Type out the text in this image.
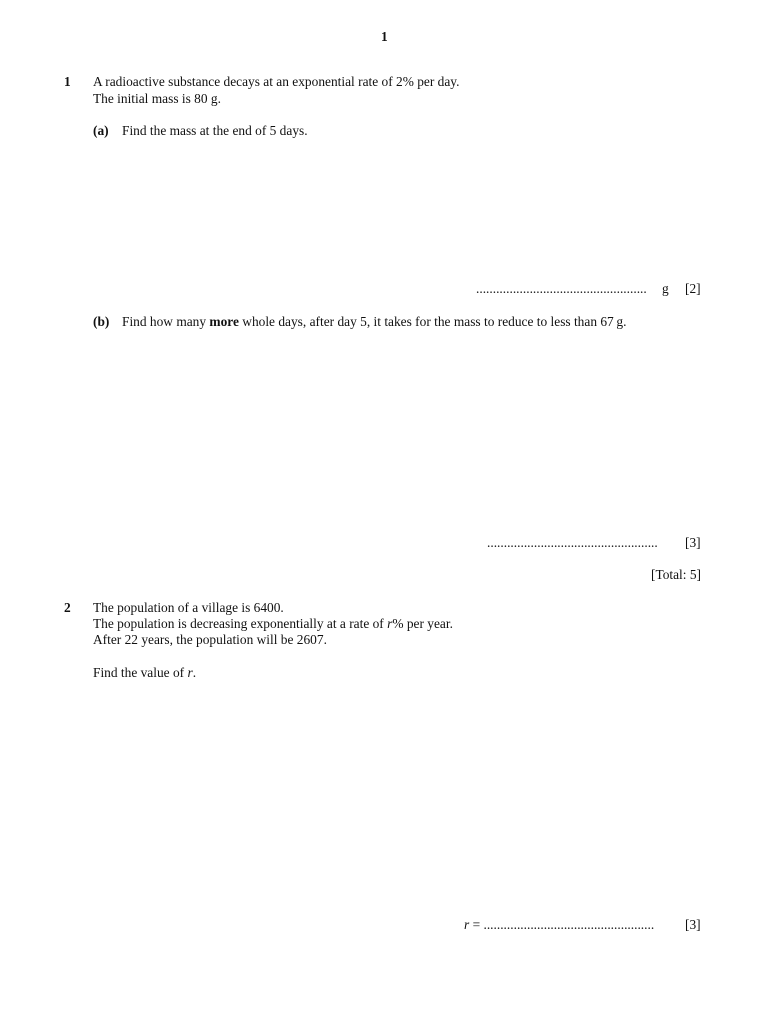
1
1 A radioactive substance decays at an exponential rate of 2% per day.
The initial mass is 80 g.
(a) Find the mass at the end of 5 days.
................................................... g [2]
(b) Find how many more whole days, after day 5, it takes for the mass to reduce to less than 67 g.
................................................... [3]
[Total: 5]
2 The population of a village is 6400.
The population is decreasing exponentially at a rate of r% per year.
After 22 years, the population will be 2607.
Find the value of r.
r = ................................................... [3]
